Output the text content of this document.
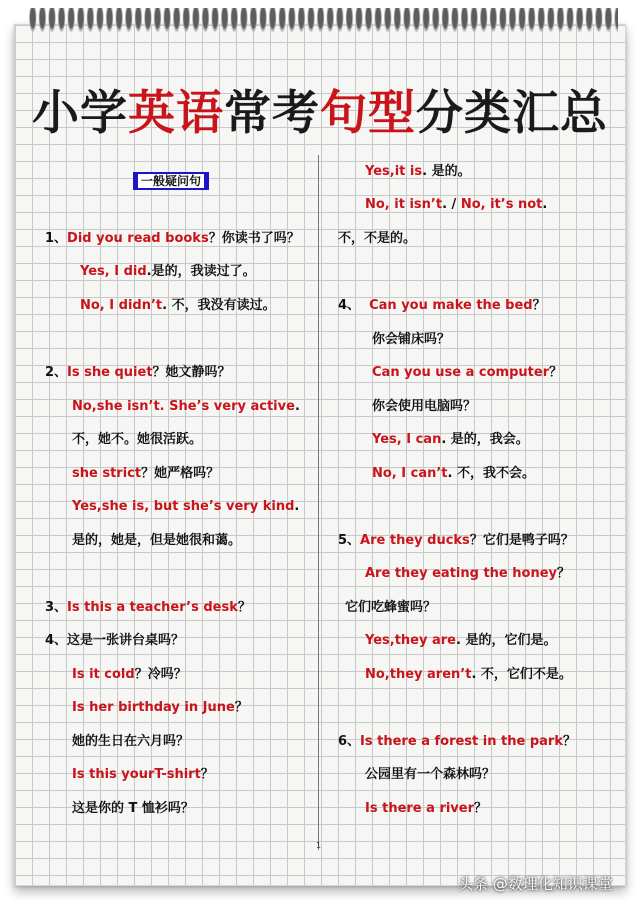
小学英语常考句型分类汇总
一般疑问句
1、Did you read books？你读书了吗？
Yes, I did.是的，我读过了。
No, I didn’t. 不，我没有读过。
2、Is she quiet？她文静吗？
No,she isn’t. She’s very active.
不，她不。她很活跃。
she strict？她严格吗？
Yes,she is, but she’s very kind.
是的，她是，但是她很和蔼。
3、Is this a teacher’s desk？
4、这是一张讲台桌吗？
Is it cold？冷吗？
Is her birthday in June？
她的生日在六月吗？
Is this yourT-shirt？
这是你的 T 恤衫吗？
Yes,it is. 是的。
No, it isn’t. / No, it’s not.
不，不是的。
4、 Can you make the bed？
你会铺床吗？
Can you use a computer？
你会使用电脑吗？
Yes, I can. 是的，我会。
No, I can’t. 不，我不会。
5、Are they ducks？它们是鸭子吗？
Are they eating the honey？
它们吃蜂蜜吗？
Yes,they are. 是的，它们是。
No,they aren’t. 不，它们不是。
6、Is there a forest in the park？
公园里有一个森林吗？
Is there a river？
1
头条 @数理化知识课堂
